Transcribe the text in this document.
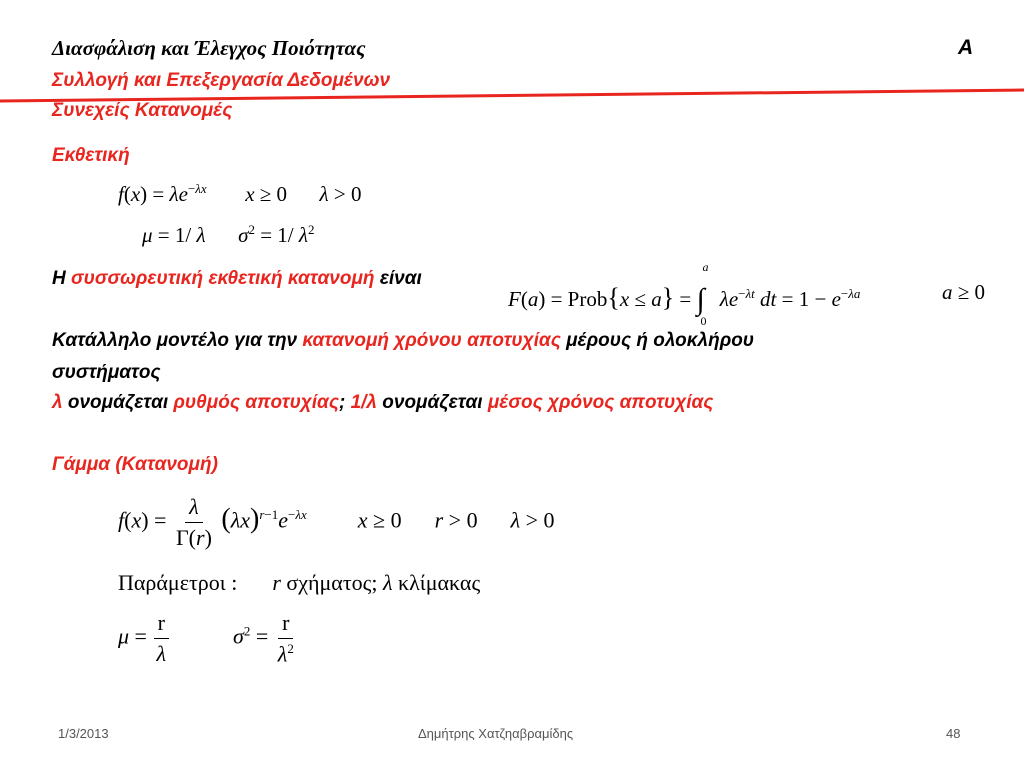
Διασφάλιση και Έλεγχος Ποιότητας	Α
Συλλογή και Επεξεργασία Δεδομένων
Συνεχείς Κατανομές
Εκθετική
$f(x) = \lambda e^{-\lambda x}$ x ≥ 0  λ > 0
μ = 1/ λ $\sigma^2 = 1/$ $\lambda^2$
Η συσσωρευτική εκθετική κατανομή είναι
F(a) = Prob{x ≤ a} = ∫
a
0
$\lambda e^{-\lambda t}$ dt = $1 - e^{-\lambda a}$	a ≥ 0
Κατάλληλο μοντέλο για την κατανομή χρόνου αποτυχίας μέρους ή ολοκλήρου
συστήματος
λ ονομάζεται ρυθμός αποτυχίας; 1/λ ονομάζεται μέσος χρόνος αποτυχίας
Γάμμα (Κατανομή)
$f(x) = \frac{\lambda}{\Gamma(r)} (\lambda x)^{r-1}e^{-\lambda x}$ x ≥ 0  r > 0  λ > 0
Παράμετροι : r σχήματος; λ κλίμακας
$\mu = \frac{r}{\lambda}$	$\sigma^2 = \frac{r}{\lambda^2}$
1/3/2013	Δημήτρης Χατζηαβραμίδης	48
